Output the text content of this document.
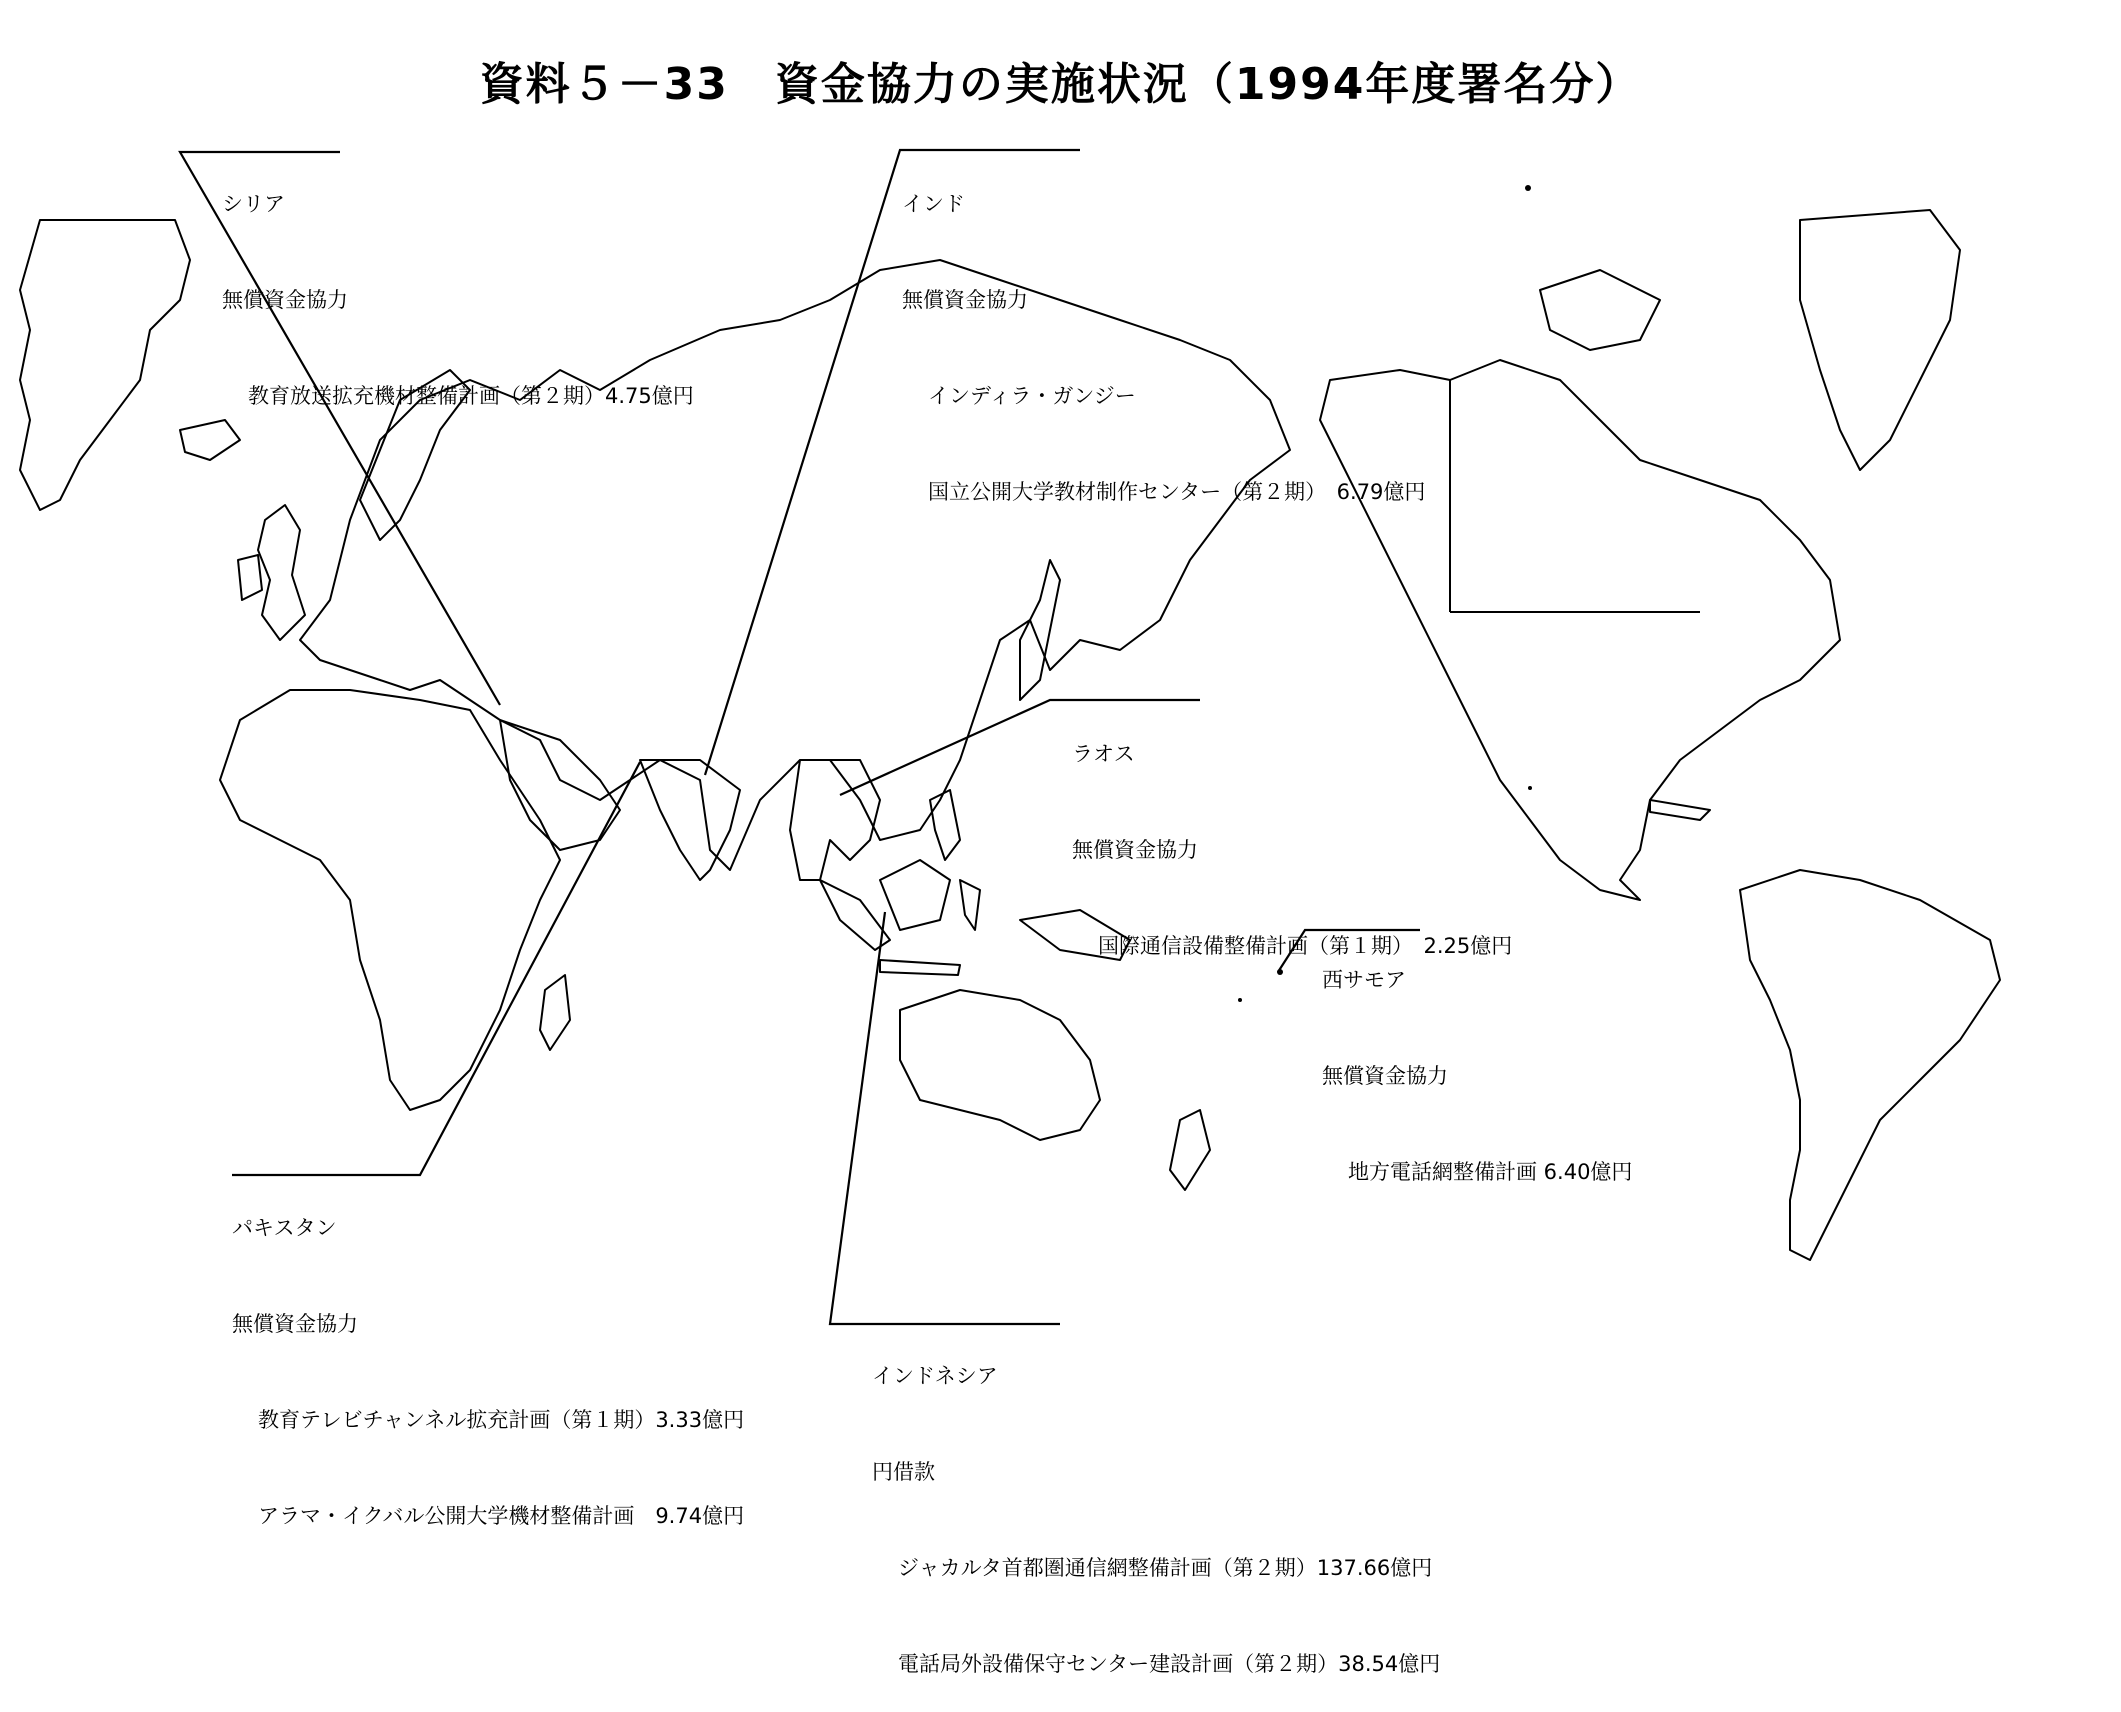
資料５－33　資金協力の実施状況（1994年度署名分）

シリア

無償資金協力

教育放送拡充機材整備計画（第２期）4.75億円

インド

無償資金協力

インディラ・ガンジー

国立公開大学教材制作センター（第２期）　6.79億円

ラオス

無償資金協力

国際通信設備整備計画（第１期）　2.25億円

西サモア

無償資金協力

地方電話網整備計画 6.40億円

パキスタン

無償資金協力

教育テレビチャンネル拡充計画（第１期）3.33億円

アラマ・イクバル公開大学機材整備計画　9.74億円

インドネシア

円借款

ジャカルタ首都圏通信網整備計画（第２期）137.66億円

電話局外設備保守センター建設計画（第２期）38.54億円
